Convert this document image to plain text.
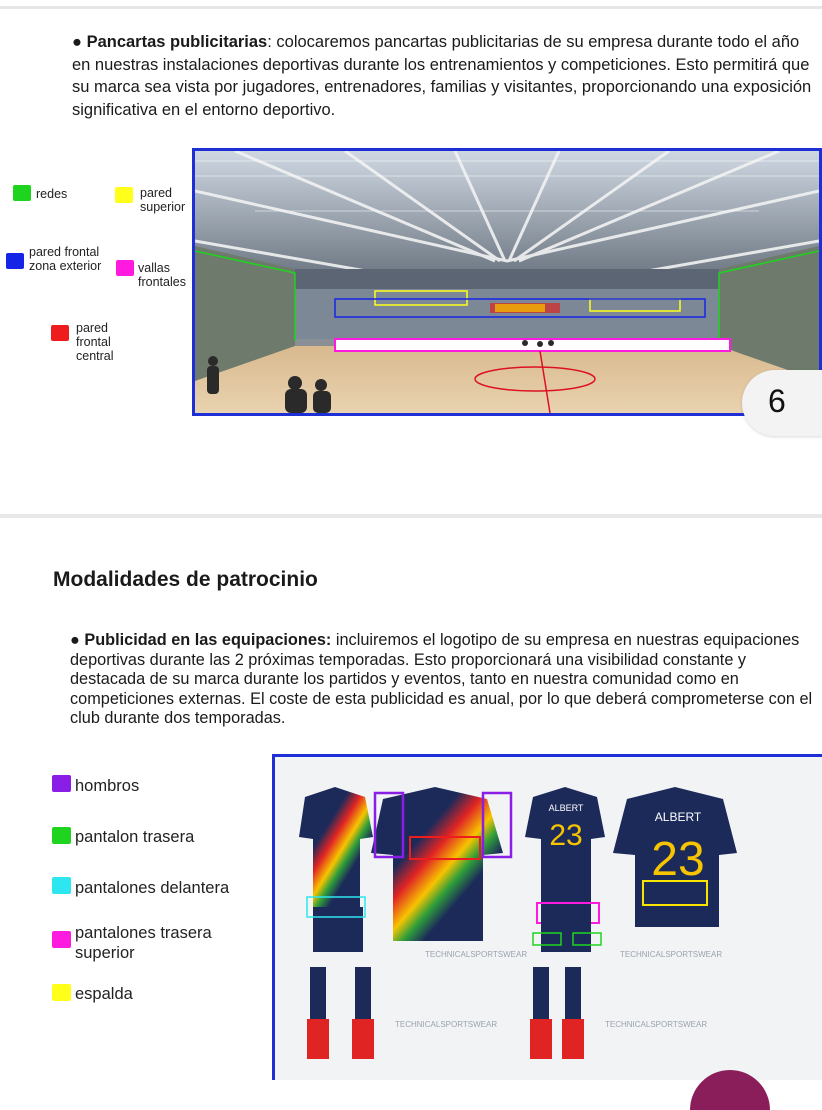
● Pancartas publicitarias: colocaremos pancartas publicitarias de su empresa durante todo el año en nuestras instalaciones deportivas durante los entrenamientos y competiciones. Esto permitirá que su marca sea vista por jugadores, entrenadores, familias y visitantes, proporcionando una exposición significativa en el entorno deportivo.
redes	pared superior
pared frontal zona exterior	vallas frontales
pared frontal central
6
Modalidades de patrocinio
● Publicidad en las equipaciones: incluiremos el logotipo de su empresa en nuestras equipaciones deportivas durante las 2 próximas temporadas. Esto proporcionará una visibilidad constante y destacada de su marca durante los partidos y eventos, tanto en nuestra comunidad como en competiciones externas. El coste de esta publicidad es anual, por lo que deberá comprometerse con el club durante dos temporadas.
hombros
pantalon trasera
pantalones delantera
pantalones trasera superior
espalda
ALBERT
23
ALBERT
23
TECHNICALSPORTSWEAR
TECHNICALSPORTSWEAR	TECHNICALSPORTSWEAR
TECHNICALSPORTSWEAR
